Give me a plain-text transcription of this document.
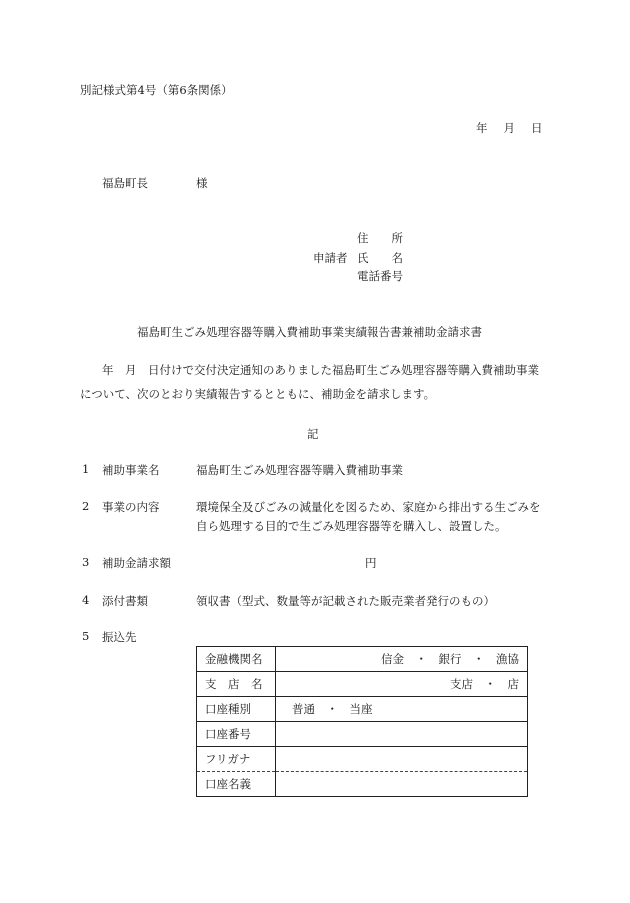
別記様式第4号（第6条関係）
年 月 日
福島町長	様
住　　所
申請者 氏　　名
電話番号
福島町生ごみ処理容器等購入費補助事業実績報告書兼補助金請求書
年　月　日付けで交付決定通知のありました福島町生ごみ処理容器等購入費補助事業
について、次のとおり実績報告するとともに、補助金を請求します。
記
1 補助事業名	福島町生ごみ処理容器等購入費補助事業
2 事業の内容	環境保全及びごみの減量化を図るため、家庭から排出する生ごみを
自ら処理する目的で生ごみ処理容器等を購入し、設置した。
3 補助金請求額	円
4 添付書類	領収書（型式、数量等が記載された販売業者発行のもの）
5 振込先
金融機関名	信金　・　銀行　・　漁協
支　店　名	支店　・　店
口座種別	普通　・　当座
口座番号	
フリガナ	
口座名義	
